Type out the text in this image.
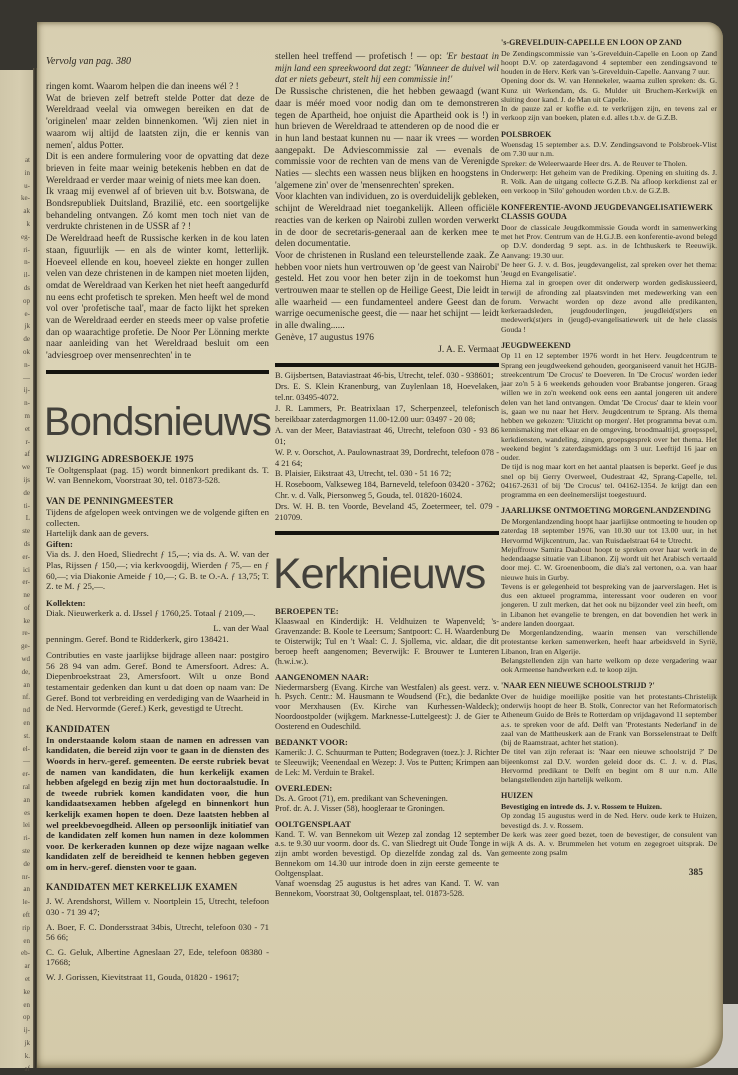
at

in

u-

ke-

ak

k

eg-

ri-

n-

il-

ds

op

e-

jk

de

ok

n-

—

ij-

n-

m

et

r-

af

we

ijs

de

ti-

L

ste

ds

er-

ici

er-

ne

of

ke

re-

ge-

wd

de,

an

nf.

nd

en

st.

el-

—

er-

ral

an

es

lei

ri-

ste

de

nr-

an

le-

eft

rip

en

eb-

ar

et

ke

en

op

ij-

jk

k.

af

Vervolg van pag. 380

ringen komt. Waarom helpen die dan ineens wél ? !

Wat de brieven zelf betreft stelde Potter dat deze de Wereldraad veelal via omwegen bereiken en dat de 'originelen' maar zelden binnenkomen. 'Wij zien niet in waarom wij altijd de laatsten zijn, die er kennis van nemen', aldus Potter.

Dit is een andere formulering voor de opvatting dat deze brieven in feite maar weinig betekenis hebben en dat de Wereldraad er verder maar weinig of niets mee kan doen.

Ik vraag mij evenwel af of brieven uit b.v. Botswana, de Bondsrepubliek Duitsland, Brazilië, etc. een soortgelijke behandeling ontvangen. Zó komt men toch niet van de verdrukte christenen in de USSR af ? !

De Wereldraad heeft de Russische kerken in de kou laten staan, figuurlijk — en als de winter komt, letterlijk. Hoeveel ellende en kou, hoeveel ziekte en honger zullen velen van deze christenen in de kampen niet moeten lijden, omdat de Wereldraad van Kerken het niet heeft aangedurfd nu eens echt profetisch te spreken. Men heeft wel de mond vol over 'profetische taal', maar de facto lijkt het spreken van de Wereldraad eerder en steeds meer op valse profetie dan op waarachtige profetie. De Noor Per Lönning merkte naar aanleiding van het Wereldraad besluit om een 'adviesgroep over mensenrechten' in te

Bondsnieuws
WIJZIGING ADRESBOEKJE 1975

Te Ooltgensplaat (pag. 15) wordt binnenkort predikant ds. T. W. van Bennekom, Voorstraat 30, tel. 01873-528.

VAN DE PENNINGMEESTER

Tijdens de afgelopen week ontvingen we de volgende giften en collecten.

Hartelijk dank aan de gevers.

Giften:

Via ds. J. den Hoed, Sliedrecht ƒ 15,—; via ds. A. W. van der Plas, Rijssen ƒ 150,—; via kerkvoogdij, Wierden ƒ 75,— en ƒ 60,—; via Diakonie Ameide ƒ 10,—; G. B. te O.-A. ƒ 13,75; T. Z. te M. ƒ 25,—.

Kollekten:

Diak. Nieuwerkerk a. d. IJssel ƒ 1760,25. Totaal ƒ 2109,—.

L. van der Waal

penningm. Geref. Bond te Ridderkerk, giro 138421.

Contributies en vaste jaarlijkse bijdrage alleen naar: postgiro 56 28 94 van adm. Geref. Bond te Amersfoort. Adres: A. Diepenbroekstraat 23, Amersfoort. Wilt u onze Bond testamentair gedenken dan kunt u dat doen op naam van: De Geref. Bond tot verbreiding en verdediging van de Waarheid in de Ned. Hervormde (Geref.) Kerk, gevestigd te Utrecht.

KANDIDATEN

In onderstaande kolom staan de namen en adressen van kandidaten, die bereid zijn voor te gaan in de diensten des Woords in herv.-geref. gemeenten. De eerste rubriek bevat de namen van kandidaten, die hun kerkelijk examen hebben afgelegd en bezig zijn met hun doctoraalstudie. In de tweede rubriek komen kandidaten voor, die hun kandidaatsexamen hebben afgelegd en binnenkort hun kerkelijk examen hopen te doen. Deze laatsten hebben al wel preekbevoegdheid. Alleen op persoonlijk initiatief van de kandidaten zelf komen hun namen in deze kolommen voor. De kerkeraden kunnen op deze wijze nagaan welke kandidaten zelf de bereidheid te kennen hebben gegeven om in herv.-geref. diensten voor te gaan.

KANDIDATEN MET KERKELIJK EXAMEN

J. W. Arendshorst, Willem v. Noortplein 15, Utrecht, telefoon 030 - 71 39 47;

A. Boer, F. C. Dondersstraat 34bis, Utrecht, telefoon 030 - 71 56 66;

C. G. Geluk, Albertine Agneslaan 27, Ede, telefoon 08380 - 17668;

W. J. Gorissen, Kievitstraat 11, Gouda, 01820 - 19617;

stellen heel treffend — profetisch ! — op: 'Er bestaat in mijn land een spreekwoord dat zegt: 'Wanneer de duivel wil dat er niets gebeurt, stelt hij een commissie in!'

De Russische christenen, die het hebben gewaagd (want daar is méér moed voor nodig dan om te demonstreren tegen de Apartheid, hoe onjuist die Apartheid ook is !) in hun brieven de Wereldraad te attenderen op de nood die er in hun land bestaat kunnen nu — naar ik vrees — worden aangepakt. De Adviescommissie zal — evenals de commissie voor de rechten van de mens van de Verenigde Naties — slechts een wassen neus blijken en hoogstens in 'algemene zin' over de 'mensenrechten' spreken.

Voor klachten van individuen, zo is overduidelijk gebleken, schijnt de Wereldraad niet toegankelijk. Alleen officiële reacties van de kerken op Nairobi zullen worden verwerkt in de door de secretaris-generaal aan de kerken mee te delen documentatie.

Voor de christenen in Rusland een teleurstellende zaak. Ze hebben voor niets hun vertrouwen op 'de geest van Nairobi' gesteld. Het zou voor hen beter zijn in de toekomst hun vertrouwen maar te stellen op de Heilige Geest, Die leidt in alle waarheid — een fundamenteel andere Geest dan de warrige oecumenische geest, die — naar het schijnt — leidt in alle dwaling......

Genève, 17 augustus 1976

J. A. E. Vermaat

B. Gijsbertsen, Bataviastraat 46-bis, Utrecht, telef. 030 - 938601;

Drs. E. S. Klein Kranenburg, van Zuylenlaan 18, Hoevelaken, tel.nr. 03495-4072.

J. R. Lammers, Pr. Beatrixlaan 17, Scherpenzeel, telefonisch bereikbaar zaterdagmorgen 11.00-12.00 uur: 03497 - 20 08;

A. van der Meer, Bataviastraat 46, Utrecht, telefoon 030 - 93 86 01;

W. P. v. Oorschot, A. Paulownastraat 39, Dordrecht, telefoon 078 - 4 21 64;

B. Plaisier, Eikstraat 43, Utrecht, tel. 030 - 51 16 72;

H. Roseboom, Valkseweg 184, Barneveld, telefoon 03420 - 3762;

Chr. v. d. Valk, Piersonweg 5, Gouda, tel. 01820-16024.

Drs. W. H. B. ten Voorde, Beveland 45, Zoetermeer, tel. 079 - 210709.

Kerknieuws
BEROEPEN TE:

Klaaswaal en Kinderdijk: H. Veldhuizen te Wapenveld; 's-Gravenzande: B. Koole te Leersum; Santpoort: C. H. Waardenburg te Oisterwijk; Tul en 't Waal: C. J. Sjollema, vic. aldaar, die dit beroep heeft aangenomen; Beverwijk: F. Brouwer te Lunteren (h.w.i.w.).

AANGENOMEN NAAR:

Niedermarsberg (Evang. Kirche van Westfalen) als geest. verz. v. h. Psych. Centr.: M. Hausmann te Woudsend (Fr.), die bedankte voor Merxhausen (Ev. Kirche van Kurhessen-Waldeck); Noordoostpolder (wijkgem. Marknesse-Luttelgeest): J. de Gier te Oosterend en Oudeschild.

BEDANKT VOOR:

Kamerik: J. C. Schuurman te Putten; Bodegraven (toez.): J. Richter te Sleeuwijk; Veenendaal en Wezep: J. Vos te Putten; Krimpen aan de Lek: M. Verduin te Brakel.

OVERLEDEN:

Ds. A. Groot (71), em. predikant van Scheveningen.

Prof. dr. A. J. Visser (58), hoogleraar te Groningen.

OOLTGENSPLAAT

Kand. T. W. van Bennekom uit Wezep zal zondag 12 september a.s. te 9.30 uur voorm. door ds. C. van Sliedregt uit Oude Tonge in zijn ambt worden bevestigd. Op diezelfde zondag zal ds. Van Bennekom om 14.30 uur introde doen in zijn eerste gemeente te Ooltgensplaat.

Vanaf woensdag 25 augustus is het adres van Kand. T. W. van Bennekom, Voorstraat 30, Ooltgensplaat, tel. 01873-528.

's-GREVELDUIN-CAPELLE EN LOON OP ZAND

De Zendingscommissie van 's-Grevelduin-Capelle en Loon op Zand hoopt D.V. op zaterdagavond 4 september een zendingsavond te houden in de Herv. Kerk van 's-Grevelduin-Capelle. Aanvang 7 uur.

Opening door ds. W. van Hennekeler, waarna zullen spreken: ds. G. Kunz uit Werkendam, ds. G. Mulder uit Bruchem-Kerkwijk en sluiting door kand. J. de Man uit Capelle.

In de pauze zal er koffie e.d. te verkrijgen zijn, en tevens zal er verkoop zijn van boeken, platen e.d. alles t.b.v. de G.Z.B.

POLSBROEK

Woensdag 15 september a.s. D.V. Zendingsavond te Polsbroek-Vlist om 7.30 uur n.m.

Spreker: de Weleerwaarde Heer drs. A. de Reuver te Tholen.

Onderwerp: Het geheim van de Prediking. Opening en sluiting ds. J. R. Volk. Aan de uitgang collecte G.Z.B. Na afloop kerkdienst zal er een verkoop in 'Silo' gehouden worden t.b.v. de G.Z.B.

KONFERENTIE-AVOND JEUGDEVANGELISATIEWERK CLASSIS GOUDA

Door de classicale Jeugdkommissie Gouda wordt in samenwerking met het Prov. Centrum van de H.G.J.B. een konferentie-avond belegd op D.V. donderdag 9 sept. a.s. in de Ichthuskerk te Reeuwijk. Aanvang: 19.30 uur.

De heer G. J. v. d. Bos, jeugdevangelist, zal spreken over het thema: 'Jeugd en Evangelisatie'.

Hierna zal in groepen over dit onderwerp worden gediskussieerd, terwijl de afronding zal plaatsvinden met medewerking van een forum. Verwacht worden op deze avond alle predikanten, kerkeraadsleden, jeugdouderlingen, jeugdleid(st)ers en medewerk(st)ers in (jeugd)-evangelisatiewerk uit de hele classis Gouda !

JEUGDWEEKEND

Op 11 en 12 september 1976 wordt in het Herv. Jeugdcentrum te Sprang een jeugdweekend gehouden, georganiseerd vanuit het HGJB-streekcentrum 'De Crocus' te Doeveren. In 'De Crocus' worden ieder jaar zo'n 5 à 6 weekends gehouden voor Brabantse jongeren. Graag willen we in zo'n weekend ook eens een aantal jongeren uit andere delen van het land ontvangen. Omdat 'De Crocus' daar te klein voor is, gaan we nu naar het Herv. Jeugdcentrum te Sprang. Als thema hebben we gekozen: 'Uitzicht op morgen'. Het programma bevat o.m. kennismaking met elkaar en de omgeving, broodmaaltijd, groepsspel, kerkdiensten, wandeling, zingen, groepsgesprek over het thema. Het weekend begint 's zaterdagsmiddags om 3 uur. Leeftijd 16 jaar en ouder.

De tijd is nog maar kort en het aantal plaatsen is beperkt. Geef je dus snel op bij Gerry Overweel, Oudestraat 42, Sprang-Capelle, tel. 04167-2631 of bij 'De Crocus' tel. 04162-1354. Je krijgt dan een programma en een deelnemerslijst toegestuurd.

JAARLIJKSE ONTMOETING MORGENLANDZENDING

De Morgenlandzending hoopt haar jaarlijkse ontmoeting te houden op zaterdag 18 september 1976, van 10.30 uur tot 13.00 uur, in het Hervormd Wijkcentrum, Jac. van Ruisdaelstraat 64 te Utrecht.

Mejuffrouw Samira Daabout hoopt te spreken over haar werk in de hedendaagse situatie van Libanon. Zij wordt uit het Arabisch vertaald door mej. C. W. Groenenboom, die dia's zal vertonen, o.a. van haar nieuwe huis in Gurby.

Tevens is er gelegenheid tot bespreking van de jaarverslagen. Het is dus een aktueel programma, interessant voor ouderen en voor jongeren. U zult merken, dat het ook nu bijzonder veel zin heeft, om in Libanon het evangelie te brengen, en dat bovendien het werk in andere landen doorgaat.

De Morgenlandzending, waarin mensen van verschillende protestantse kerken samenwerken, heeft haar arbeidsveld in Syrië, Libanon, Iran en Algerije.

Belangstellenden zijn van harte welkom op deze vergadering waar ook Armeense handwerken e.d. te koop zijn.

'NAAR EEN NIEUWE SCHOOLSTRIJD ?'

Over de huidige moeilijke positie van het protestants-Christelijk onderwijs hoopt de heer B. Stolk, Conrector van het Reformatorisch Atheneum Guido de Brès te Rotterdam op vrijdagavond 11 september a.s. te spreken voor de afd. Delft van 'Protestants Nederland' in de zaal van de Mattheuskerk aan de Frank van Borsselenstraat te Delft (bij de Raamstraat, achter het station).

De titel van zijn referaat is: 'Naar een nieuwe schoolstrijd ?' De bijeenkomst zal D.V. worden geleid door ds. C. J. v. d. Plas, Hervormd predikant te Delft en begint om 8 uur n.m. Alle belangstellenden zijn hartelijk welkom.

HUIZEN

Bevestiging en intrede ds. J. v. Rossem te Huizen.

Op zondag 15 augustus werd in de Ned. Herv. oude kerk te Huizen, bevestigd ds. J. v. Rossem.

De kerk was zeer goed bezet, toen de bevestiger, de consulent van wijk A ds. A. v. Brummelen het votum en zegegroet uitsprak. De gemeente zong psalm

385
